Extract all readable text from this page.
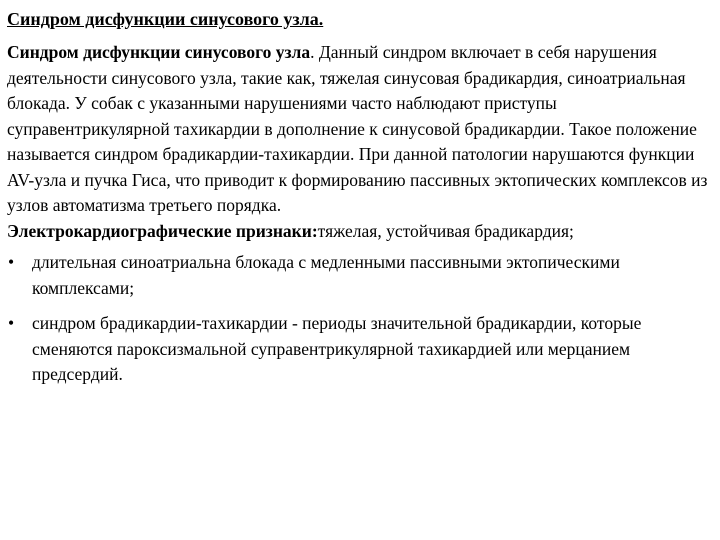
Синдром дисфункции синусового узла.

Синдром дисфункции синусового узла. Данный синдром включает в себя нарушения деятельности синусового узла, такие как, тяжелая синусовая брадикардия, синоатриальная блокада. У собак с указанными нарушениями часто наблюдают приступы суправентрикулярной тахикардии в дополнение к синусовой брадикардии. Такое положение называется синдром брадикардии-тахикардии. При данной патологии нарушаются функции AV-узла и пучка Гиса, что приводит к формированию пассивных эктопических комплексов из узлов автоматизма третьего порядка.

Электрокардиографические признаки:тяжелая, устойчивая брадикардия;

• длительная синоатриальна блокада с медленными пассивными эктопическими комплексами;
• синдром брадикардии-тахикардии - периоды значительной брадикардии, которые сменяются пароксизмальной суправентрикулярной тахикардией или мерцанием предсердий.
